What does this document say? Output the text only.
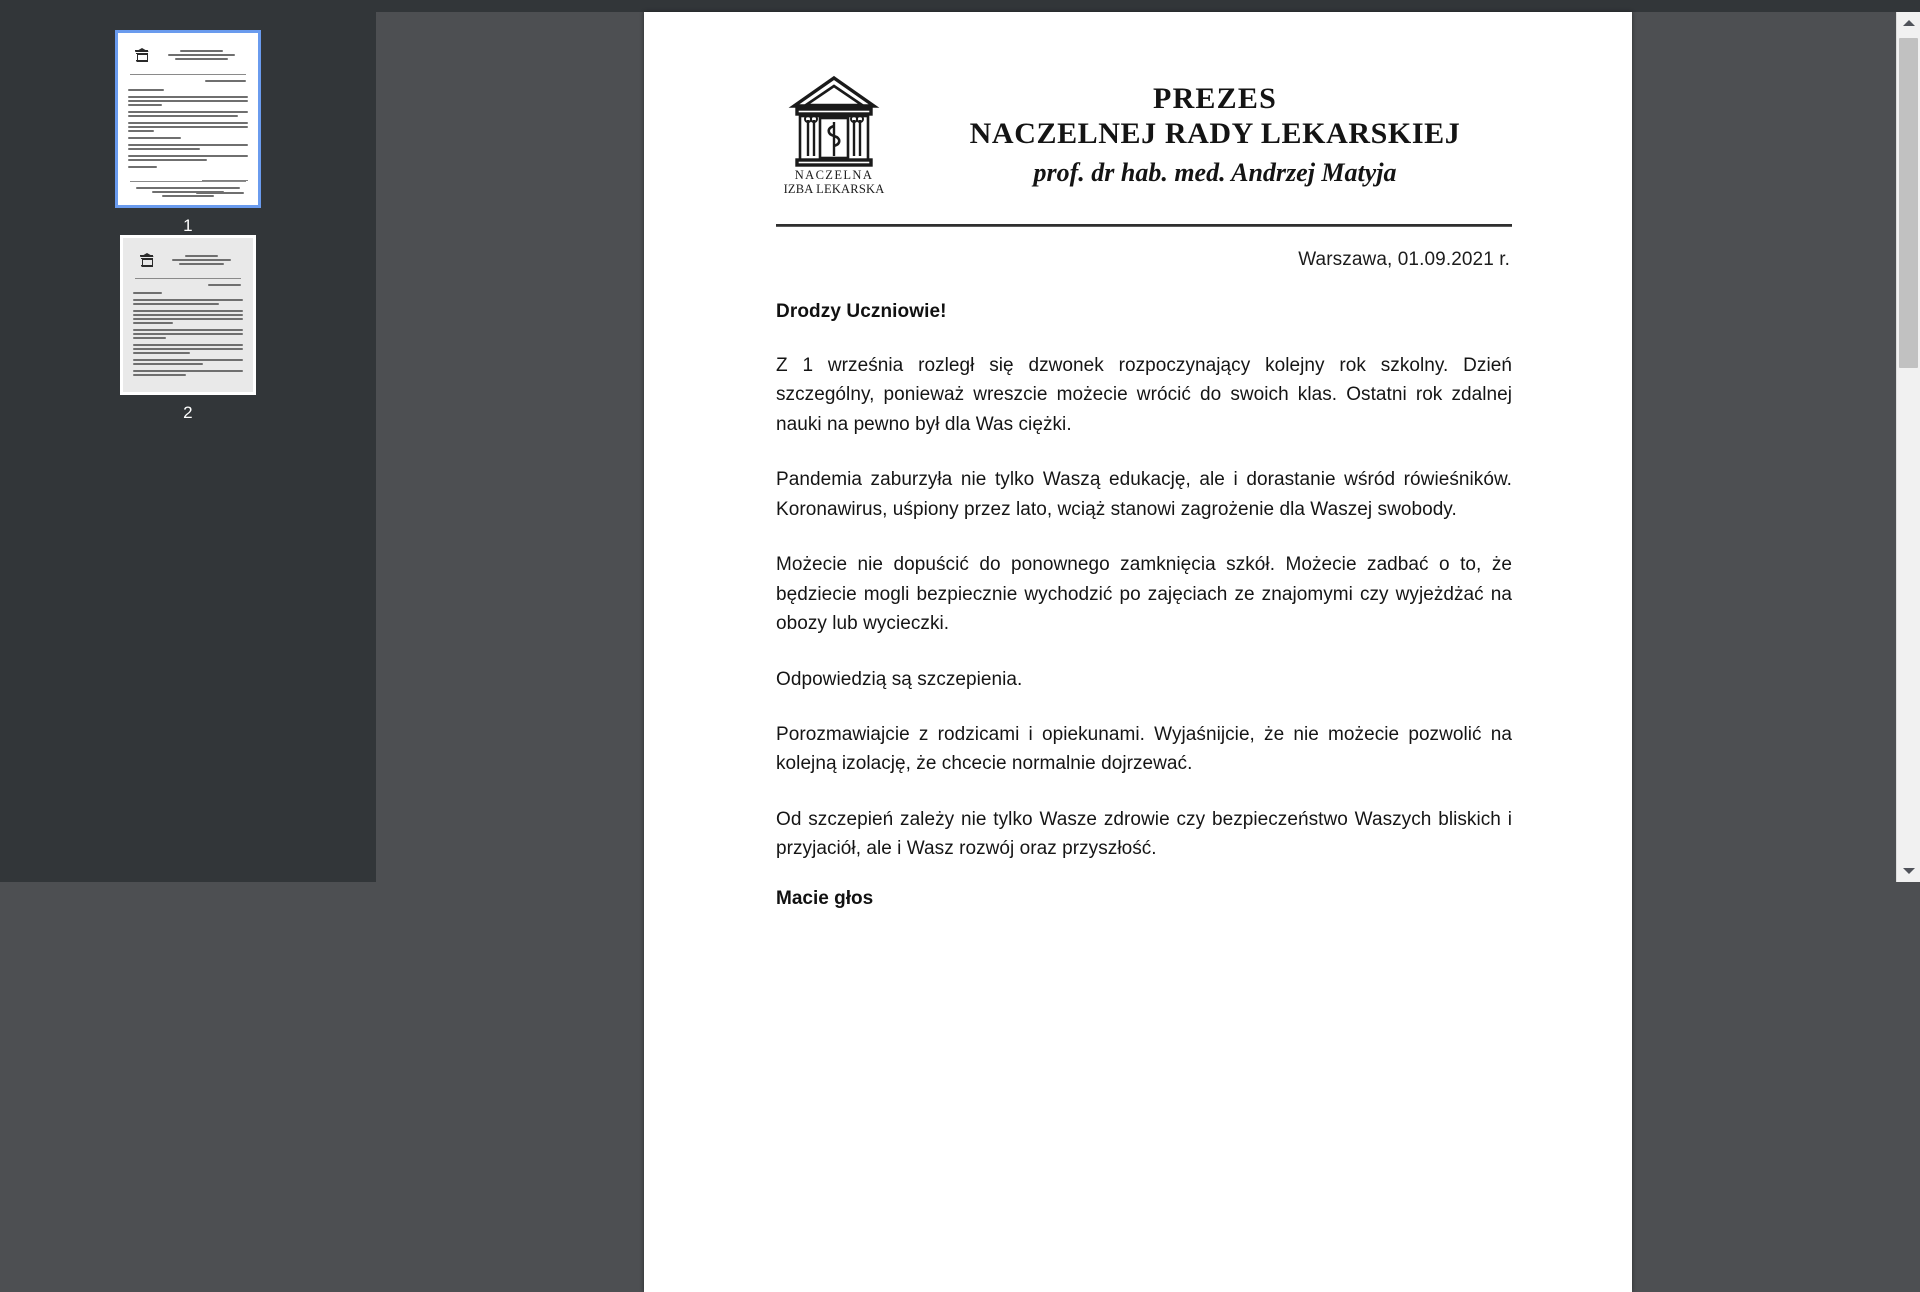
1
2
NACZELNA
IZBA LEKARSKA
PREZES
NACZELNEJ RADY LEKARSKIEJ
prof. dr hab. med. Andrzej Matyja
Warszawa, 01.09.2021 r.
Drodzy Uczniowie!

Z 1 września rozległ się dzwonek rozpoczynający kolejny rok szkolny. Dzień szczególny, ponieważ wreszcie możecie wrócić do swoich klas. Ostatni rok zdalnej nauki na pewno był dla Was ciężki.

Pandemia zaburzyła nie tylko Waszą edukację, ale i dorastanie wśród rówieśników. Koronawirus, uśpiony przez lato, wciąż stanowi zagrożenie dla Waszej swobody.

Możecie nie dopuścić do ponownego zamknięcia szkół. Możecie zadbać o to, że będziecie mogli bezpiecznie wychodzić po zajęciach ze znajomymi czy wyjeżdżać na obozy lub wycieczki.

Odpowiedzią są szczepienia.

Porozmawiajcie z rodzicami i opiekunami. Wyjaśnijcie, że nie możecie pozwolić na kolejną izolację, że chcecie normalnie dojrzewać.

Od szczepień zależy nie tylko Wasze zdrowie czy bezpieczeństwo Waszych bliskich i przyjaciół, ale i Wasz rozwój oraz przyszłość.

Macie głos
